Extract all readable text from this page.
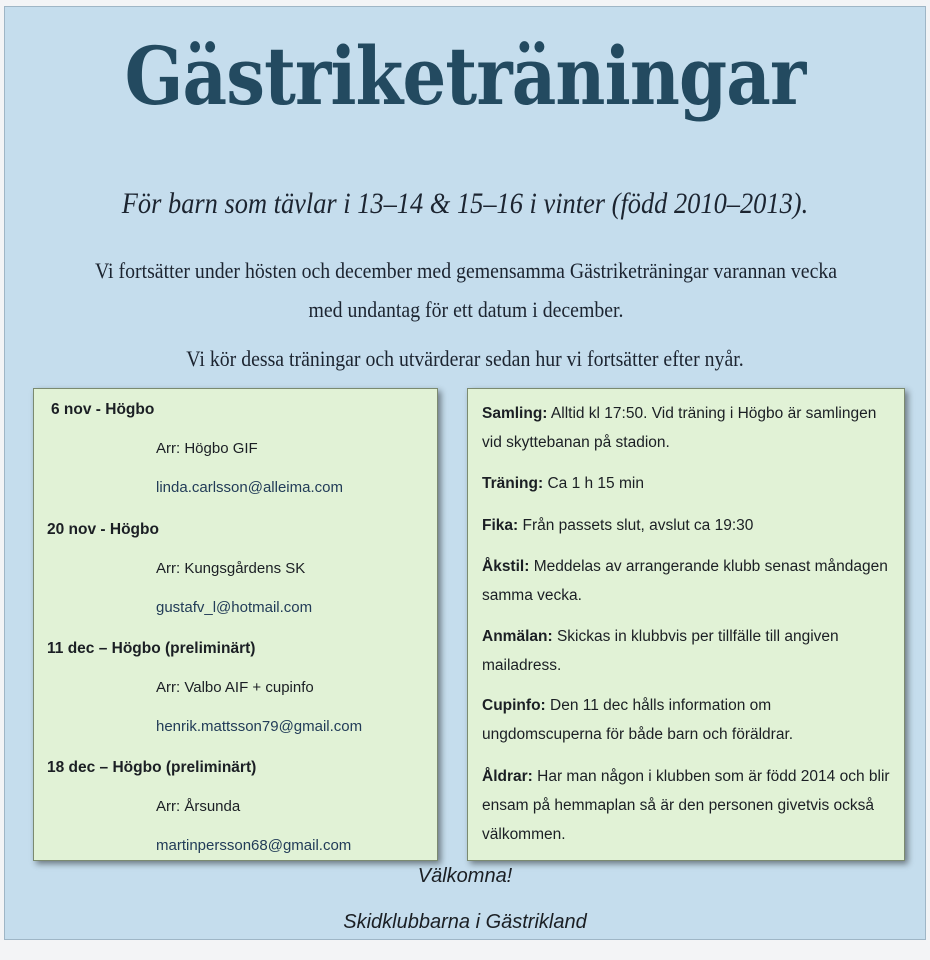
Gästriketräningar
För barn som tävlar i 13–14 & 15–16 i vinter (född 2010–2013).
Vi fortsätter under hösten och december med gemensamma Gästriketräningar varannan vecka
med undantag för ett datum i december.
Vi kör dessa träningar och utvärderar sedan hur vi fortsätter efter nyår.
6 nov - Högbo
Arr: Högbo GIF
linda.carlsson@alleima.com
20 nov - Högbo
Arr: Kungsgårdens SK
gustafv_l@hotmail.com
11 dec – Högbo (preliminärt)
Arr: Valbo AIF + cupinfo
henrik.mattsson79@gmail.com
18 dec – Högbo (preliminärt)
Arr: Årsunda
martinpersson68@gmail.com
Samling: Alltid kl 17:50. Vid träning i Högbo är samlingen vid skyttebanan på stadion.
Träning: Ca 1 h 15 min
Fika: Från passets slut, avslut ca 19:30
Åkstil: Meddelas av arrangerande klubb senast måndagen samma vecka.
Anmälan: Skickas in klubbvis per tillfälle till angiven mailadress.
Cupinfo: Den 11 dec hålls information om ungdomscuperna för både barn och föräldrar.
Åldrar: Har man någon i klubben som är född 2014 och blir ensam på hemmaplan så är den personen givetvis också välkommen.
Välkomna!
Skidklubbarna i Gästrikland
